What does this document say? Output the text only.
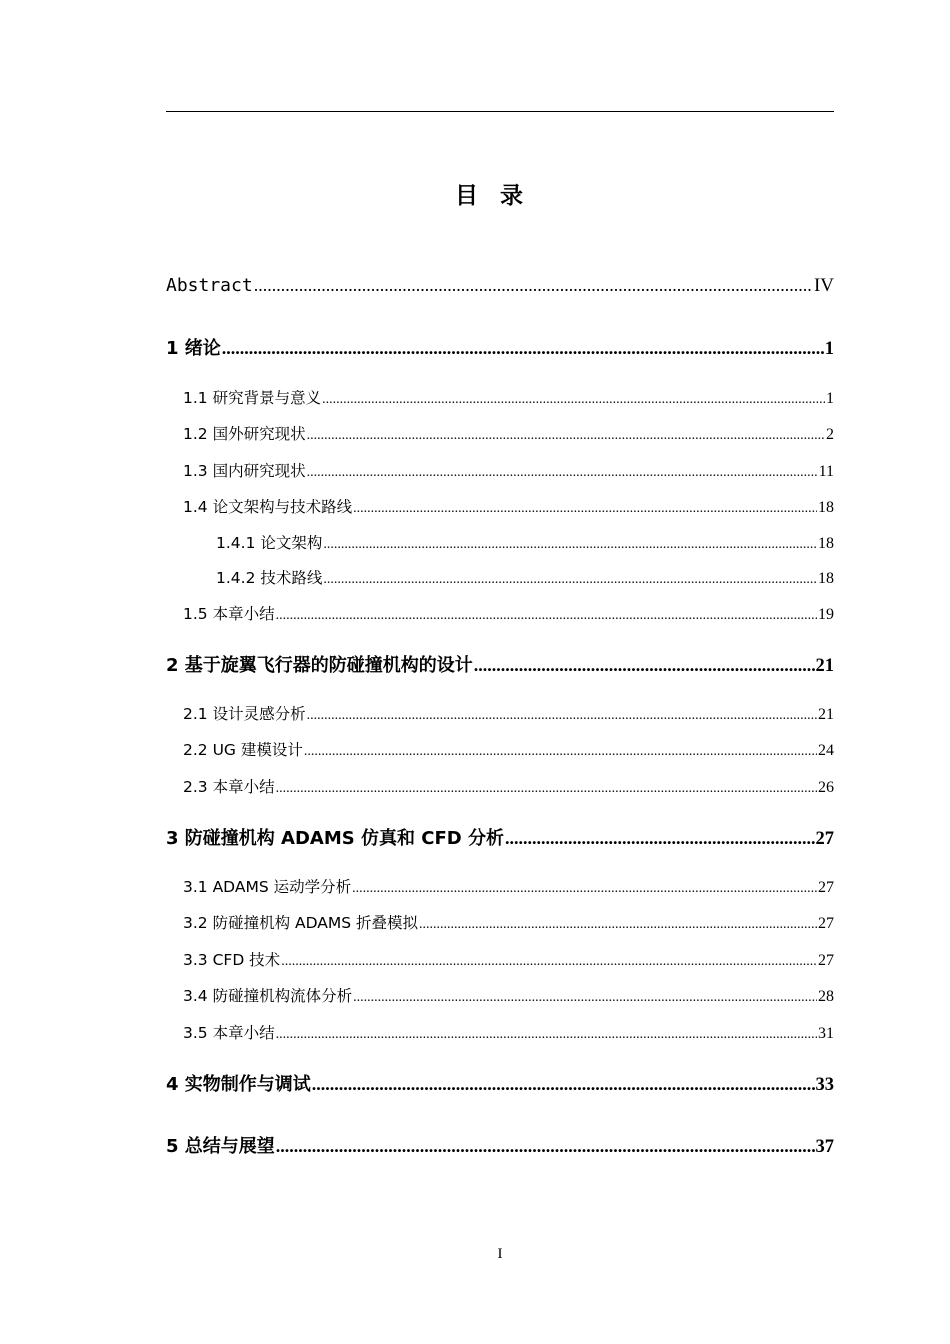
目录
Abstract .....	IV
1 绪论 .....	1
1.1 研究背景与意义 .....	1
1.2 国外研究现状 .....	2
1.3 国内研究现状 .....	11
1.4 论文架构与技术路线 .....	18
1.4.1 论文架构 .....	18
1.4.2 技术路线 .....	18
1.5 本章小结 .....	19
2 基于旋翼飞行器的防碰撞机构的设计 .....	21
2.1 设计灵感分析 .....	21
2.2 UG 建模设计 .....	24
2.3 本章小结 .....	26
3 防碰撞机构 ADAMS 仿真和 CFD 分析 .....	27
3.1 ADAMS 运动学分析 .....	27
3.2 防碰撞机构 ADAMS 折叠模拟 .....	27
3.3 CFD 技术 .....	27
3.4 防碰撞机构流体分析 .....	28
3.5 本章小结 .....	31
4 实物制作与调试 .....	33
5 总结与展望 .....	37
I
